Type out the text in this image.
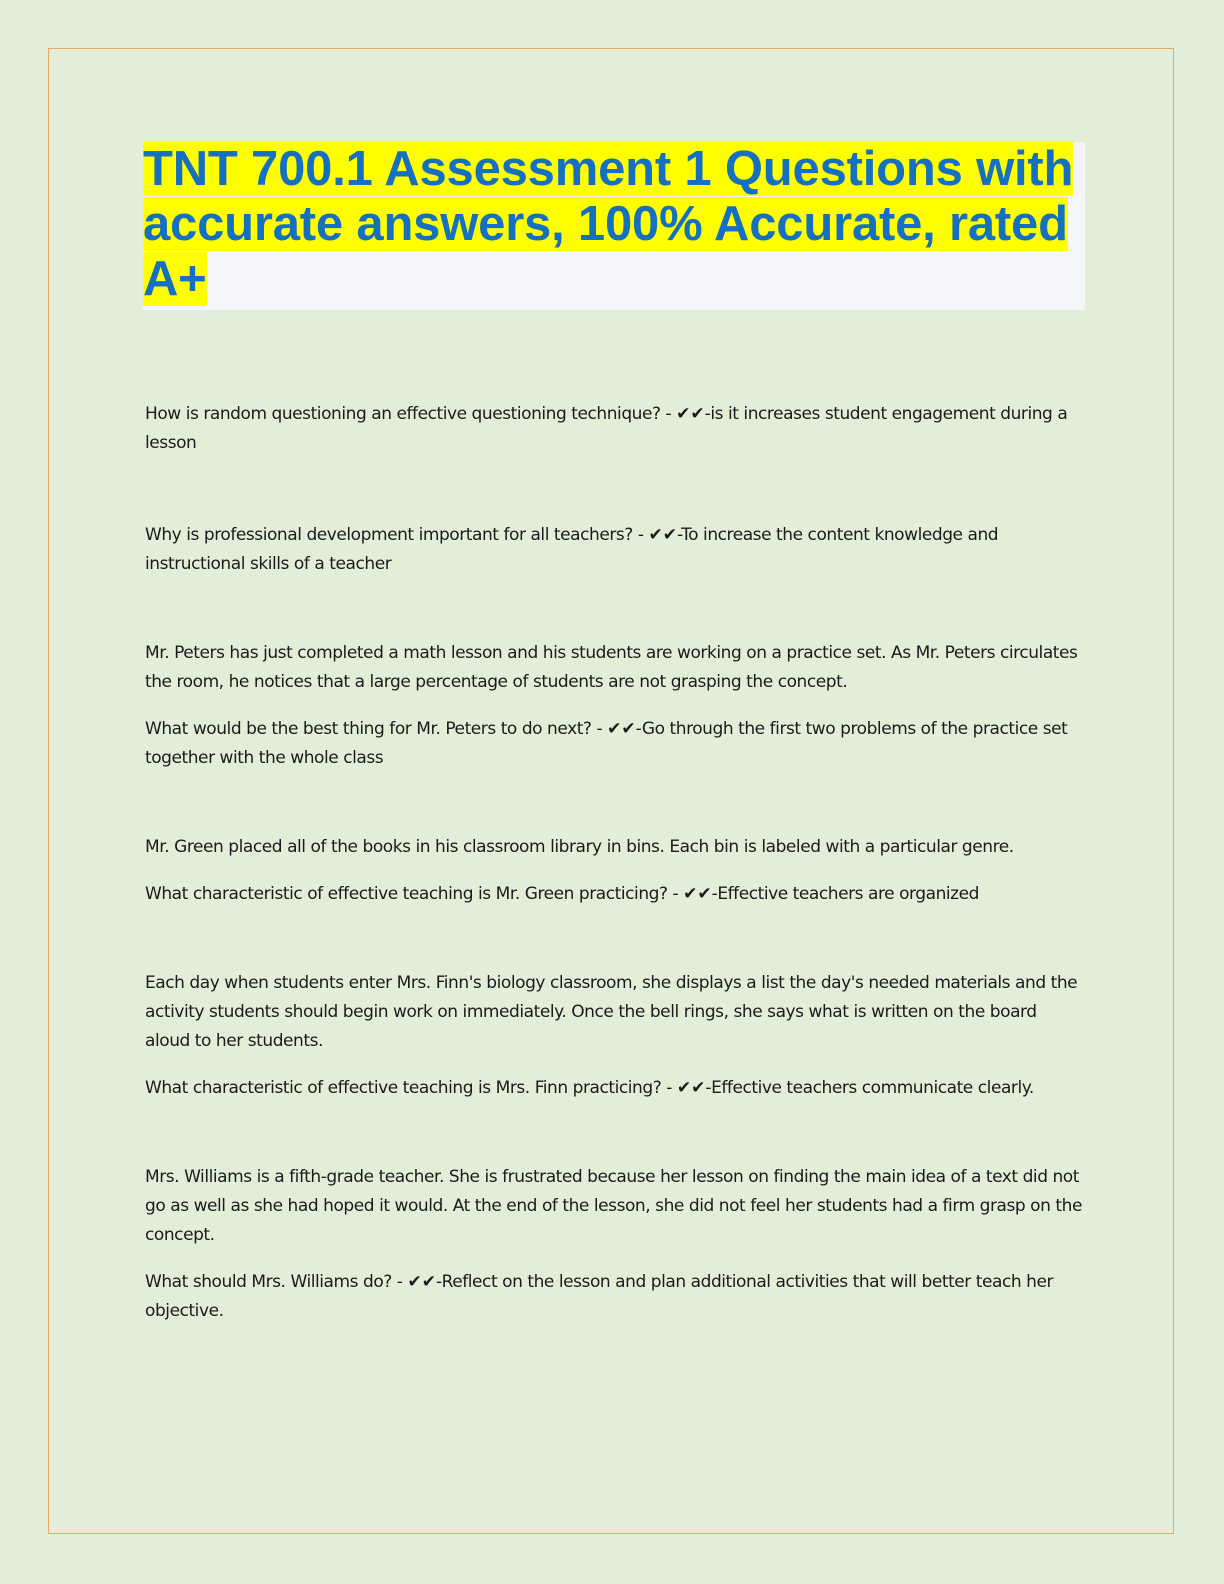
TNT 700.1 Assessment 1 Questions with accurate answers, 100% Accurate, rated A+

How is random questioning an effective questioning technique? - ✔✔-is it increases student engagement during a lesson

Why is professional development important for all teachers? - ✔✔-To increase the content knowledge and instructional skills of a teacher

Mr. Peters has just completed a math lesson and his students are working on a practice set. As Mr. Peters circulates the room, he notices that a large percentage of students are not grasping the concept.

What would be the best thing for Mr. Peters to do next? - ✔✔-Go through the first two problems of the practice set together with the whole class

Mr. Green placed all of the books in his classroom library in bins. Each bin is labeled with a particular genre.

What characteristic of effective teaching is Mr. Green practicing? - ✔✔-Effective teachers are organized

Each day when students enter Mrs. Finn's biology classroom, she displays a list the day's needed materials and the activity students should begin work on immediately. Once the bell rings, she says what is written on the board aloud to her students.

What characteristic of effective teaching is Mrs. Finn practicing? - ✔✔-Effective teachers communicate clearly.

Mrs. Williams is a fifth-grade teacher. She is frustrated because her lesson on finding the main idea of a text did not go as well as she had hoped it would. At the end of the lesson, she did not feel her students had a firm grasp on the concept.

What should Mrs. Williams do? - ✔✔-Reflect on the lesson and plan additional activities that will better teach her objective.
